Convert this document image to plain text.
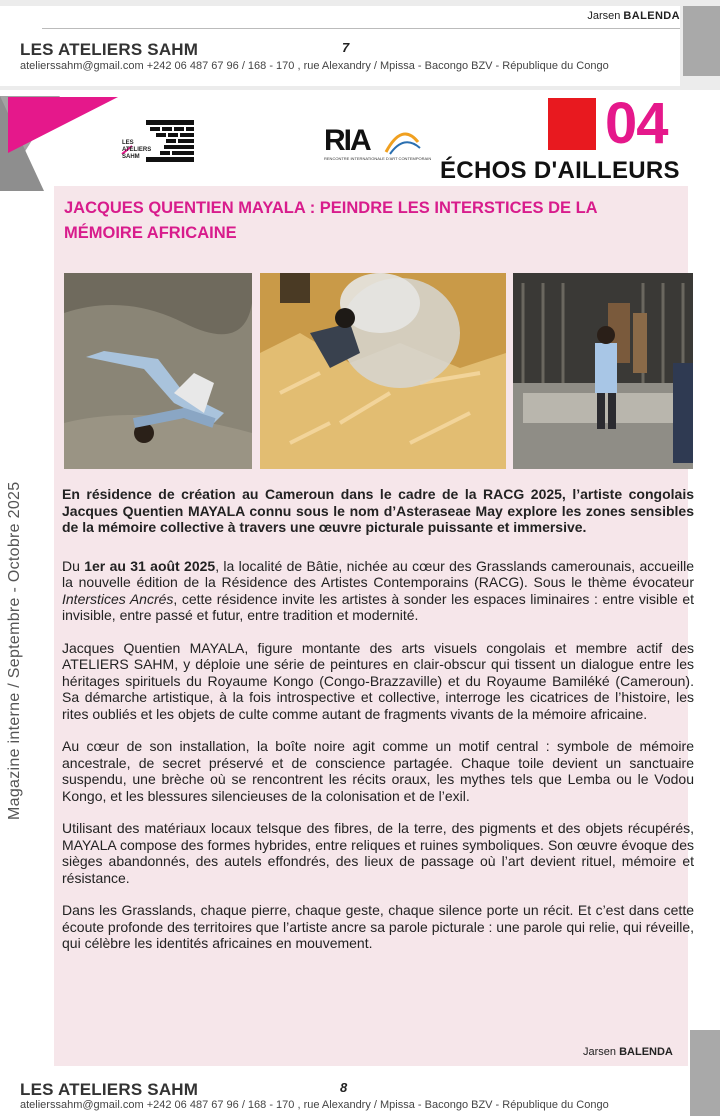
Jarsen BALENDA
LES ATELIERS SAHM	7
atelierssahm@gmail.com +242 06 487 67 96 / 168 - 170 , rue Alexandry / Mpissa - Bacongo BZV - République du Congo
LES ATELIERS SAHM	RIA
RENCONTRE INTERNATIONALE D'ART CONTEMPORAIN
04
ÉCHOS D'AILLEURS
Magazine interne / Septembre - Octobre 2025
JACQUES QUENTIEN MAYALA : PEINDRE LES INTERSTICES DE LA MÉMOIRE AFRICAINE

En résidence de création au Cameroun dans le cadre de la RACG 2025, l’artiste congolais Jacques Quentien MAYALA connu sous le nom d’Asteraseae May explore les zones sensibles de la mémoire collective à travers une œuvre picturale puissante et immersive.

Du 1er au 31 août 2025, la localité de Bâtie, nichée au cœur des Grasslands camerounais, accueille la nouvelle édition de la Résidence des Artistes Contemporains (RACG). Sous le thème évocateur Interstices Ancrés, cette résidence invite les artistes à sonder les espaces liminaires : entre visible et invisible, entre passé et futur, entre tradition et modernité.

Jacques Quentien MAYALA, figure montante des arts visuels congolais et membre actif des ATELIERS SAHM, y déploie une série de peintures en clair-obscur qui tissent un dialogue entre les héritages spirituels du Royaume Kongo (Congo-Brazzaville) et du Royaume Bamiléké (Cameroun). Sa démarche artistique, à la fois introspective et collective, interroge les cicatrices de l’histoire, les rites oubliés et les objets de culte comme autant de fragments vivants de la mémoire africaine.

Au cœur de son installation, la boîte noire agit comme un motif central : symbole de mémoire ancestrale, de secret préservé et de conscience partagée. Chaque toile devient un sanctuaire suspendu, une brèche où se rencontrent les récits oraux, les mythes tels que Lemba ou le Vodou Kongo, et les blessures silencieuses de la colonisation et de l’exil.

Utilisant des matériaux locaux telsque des fibres, de la terre, des pigments et des objets récupérés, MAYALA compose des formes hybrides, entre reliques et ruines symboliques. Son œuvre évoque des sièges abandonnés, des autels effondrés, des lieux de passage où l’art devient rituel, mémoire et résistance.

Dans les Grasslands, chaque pierre, chaque geste, chaque silence porte un récit. Et c’est dans cette écoute profonde des territoires que l’artiste ancre sa parole picturale : une parole qui relie, qui réveille, qui célèbre les identités africaines en mouvement.

Jarsen BALENDA
LES ATELIERS SAHM	8
atelierssahm@gmail.com +242 06 487 67 96 / 168 - 170 , rue Alexandry / Mpissa - Bacongo BZV - République du Congo
